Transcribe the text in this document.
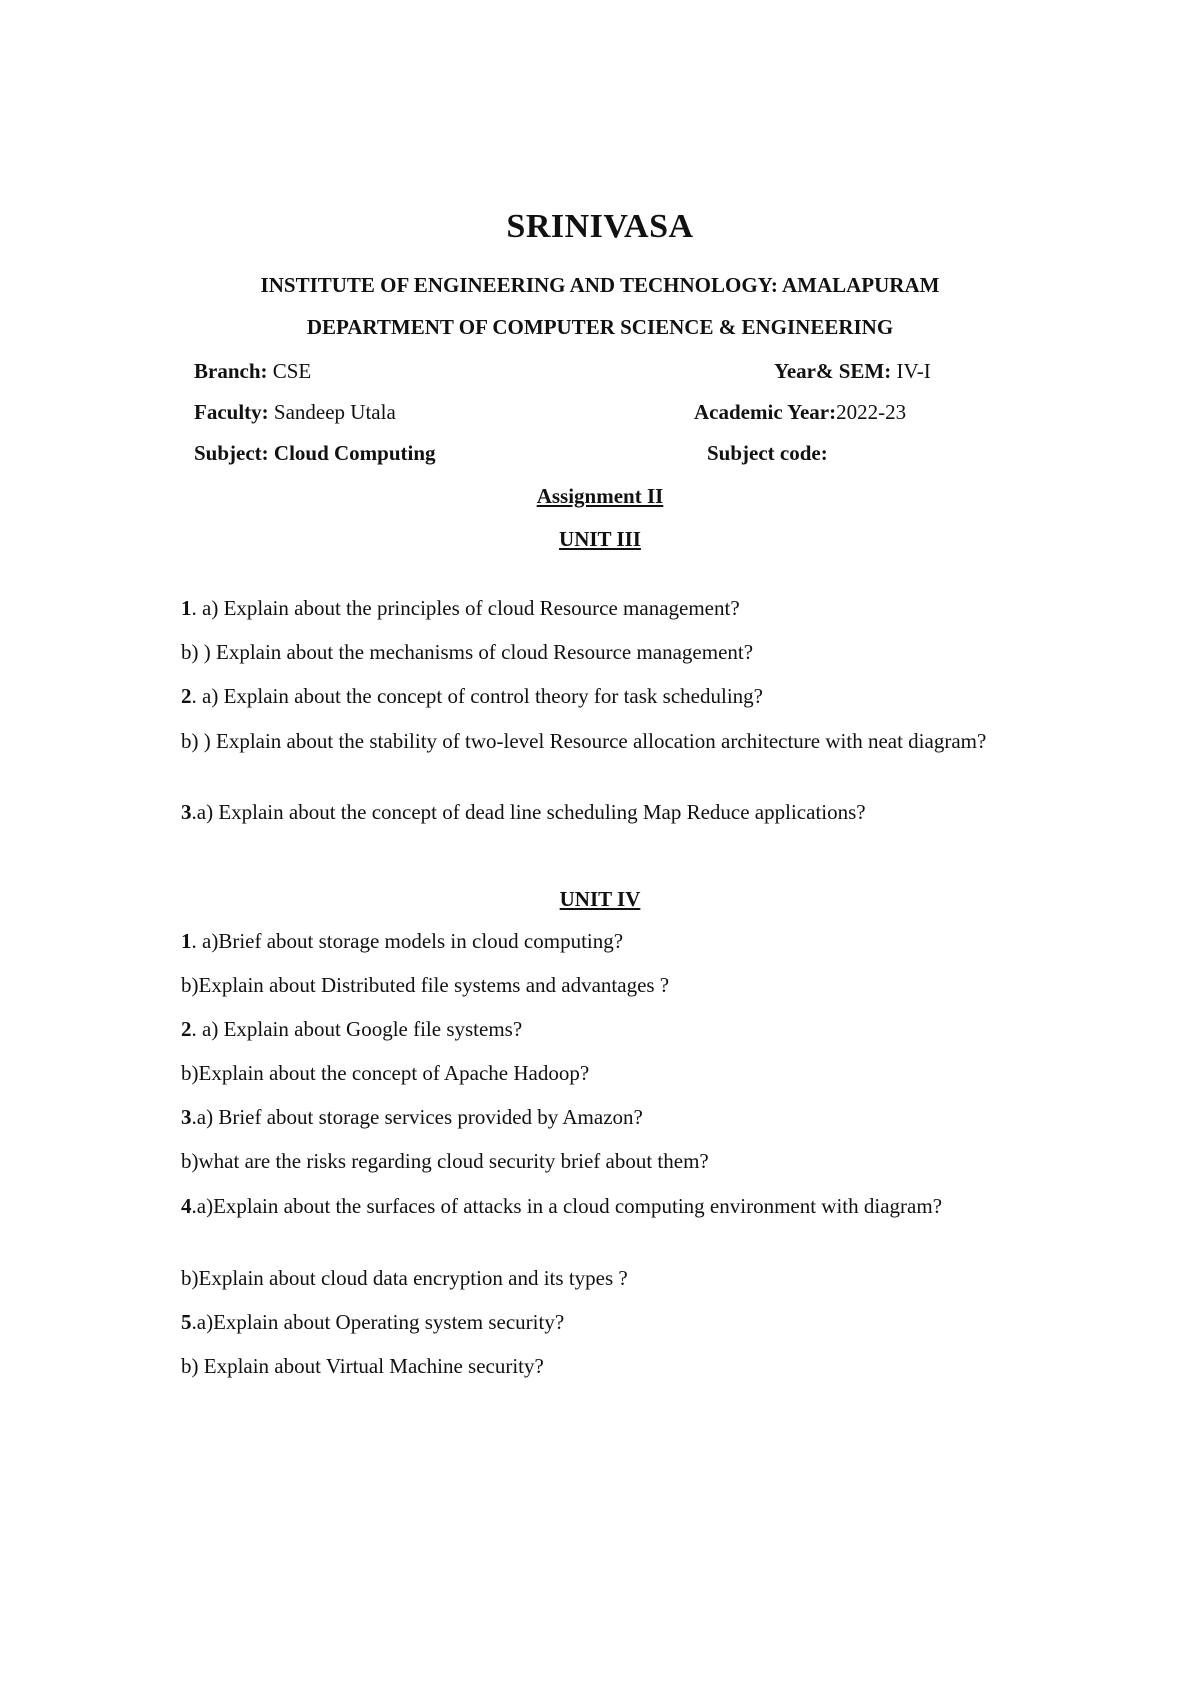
SRINIVASA
INSTITUTE OF ENGINEERING AND TECHNOLOGY: AMALAPURAM
DEPARTMENT OF COMPUTER SCIENCE & ENGINEERING
Branch: CSE	Year& SEM: IV-I
Faculty: Sandeep Utala	Academic Year:2022-23
Subject: Cloud Computing	Subject code:
Assignment II
UNIT III
1. a) Explain about the principles of cloud Resource management?
b) ) Explain about the mechanisms of cloud Resource management?
2. a) Explain about the concept of control theory for task scheduling?
b) ) Explain about the stability of two-level Resource allocation architecture with neat diagram?
3.a) Explain about the concept of dead line scheduling Map Reduce applications?
UNIT IV
1. a)Brief about storage models in cloud computing?
b)Explain about Distributed file systems and advantages ?
2. a) Explain about Google file systems?
b)Explain about the concept of Apache Hadoop?
3.a) Brief about storage services provided by Amazon?
b)what are the risks regarding cloud security brief about them?
4.a)Explain about the surfaces of attacks in a cloud computing environment with diagram?
b)Explain about cloud data encryption and its types ?
5.a)Explain about Operating system security?
b) Explain about Virtual Machine security?
